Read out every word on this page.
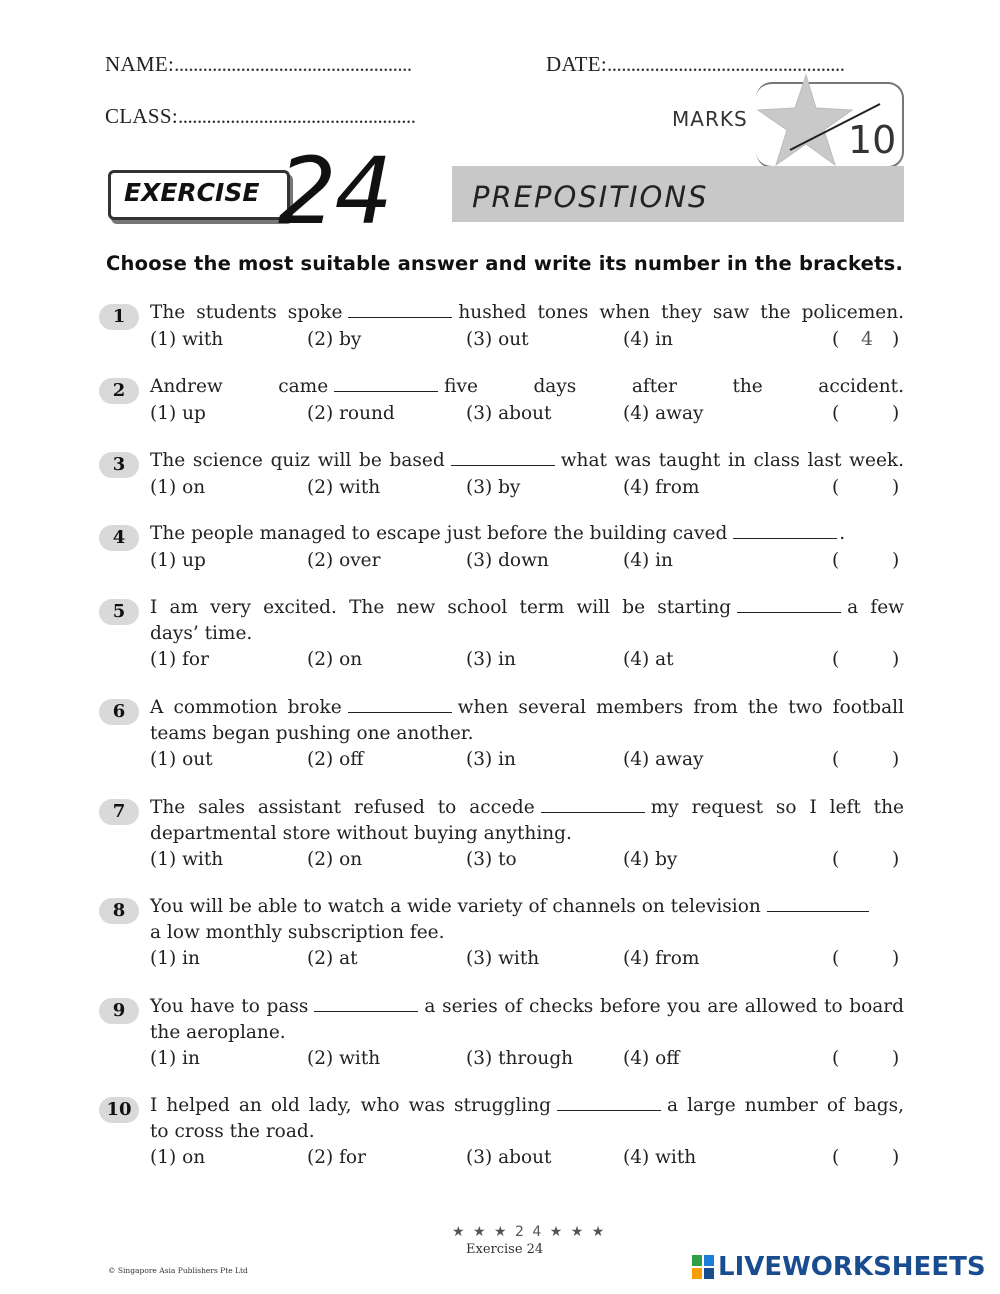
NAME:..................................................	DATE:..................................................
CLASS:..................................................	MARKS	10
EXERCISE 24	PREPOSITIONS
Choose the most suitable answer and write its number in the brackets.
1	The students spoke	hushed tones when they saw the policemen.
(1) with	(2) by	(3) out	(4) in	(	4	)
2	Andrew came	five days after the accident.
(1) up	(2) round	(3) about	(4) away	(	)
3	The science quiz will be based	what was taught in class last week.
(1) on	(2) with	(3) by	(4) from	(	)
4	The people managed to escape just before the building caved	.
(1) up	(2) over	(3) down	(4) in	(	)
5	I am very excited. The new school term will be starting	a few
days’ time.
(1) for	(2) on	(3) in	(4) at	(	)
6	A commotion broke	when several members from the two football
teams began pushing one another.
(1) out	(2) off	(3) in	(4) away	(	)
7	The sales assistant refused to accede	my request so I left the
departmental store without buying anything.
(1) with	(2) on	(3) to	(4) by	(	)
8	You will be able to watch a wide variety of channels on television
a low monthly subscription fee.
(1) in	(2) at	(3) with	(4) from	(	)
9	You have to pass	a series of checks before you are allowed to board
the aeroplane.
(1) in	(2) with	(3) through	(4) off	(	)
10 I helped an old lady, who was struggling	a large number of bags,
to cross the road.
(1) on	(2) for	(3) about	(4) with	(	)
★ ★ ★ 2 4 ★ ★ ★
Exercise 24
© Singapore Asia Publishers Pte Ltd	LIVEWORKSHEETS
